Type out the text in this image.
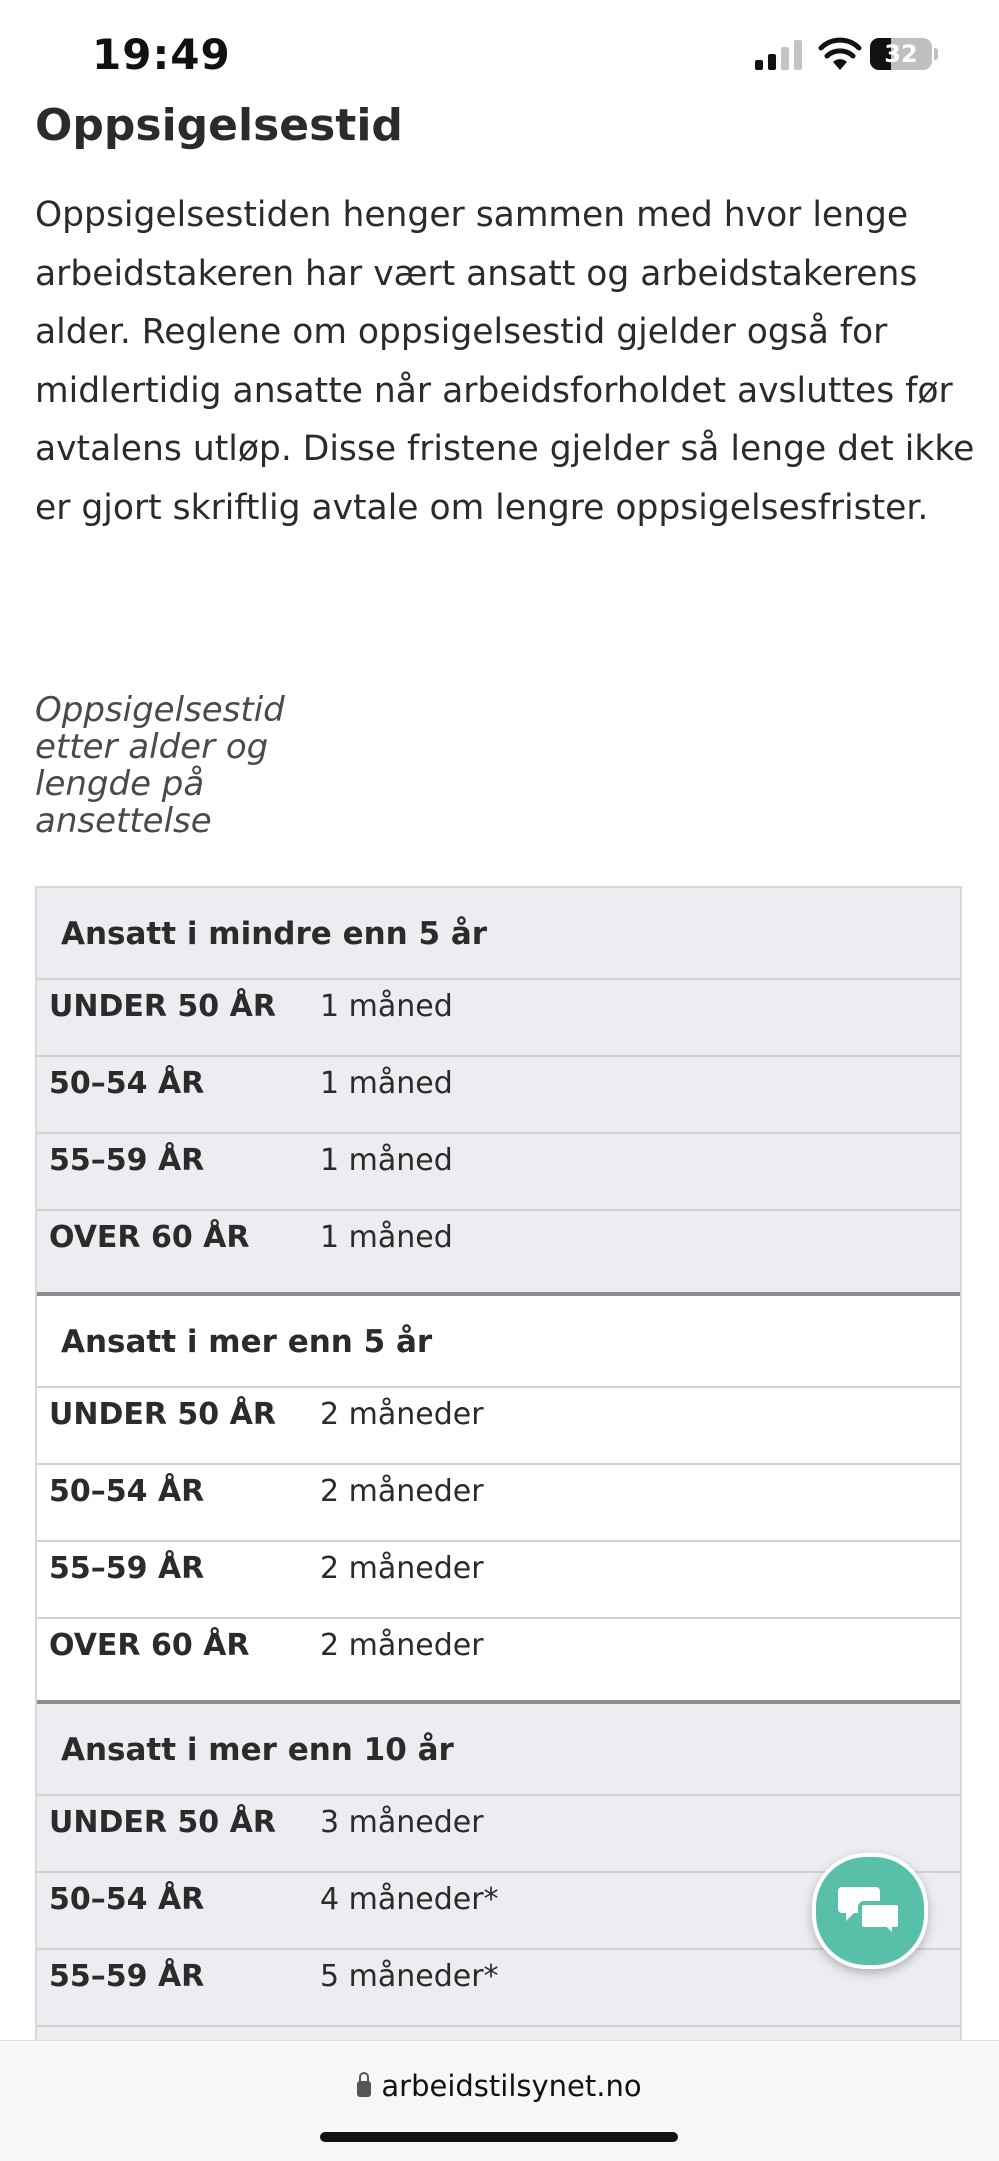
19:49	32
Oppsigelsestid

Oppsigelsestiden henger sammen med hvor lenge arbeidstakeren har vært ansatt og arbeidstakerens alder. Reglene om oppsigelsestid gjelder også for midlertidig ansatte når arbeidsforholdet avsluttes før avtalens utløp. Disse fristene gjelder så lenge det ikke er gjort skriftlig avtale om lengre oppsigelsesfrister.

Oppsigelsestid etter alder og lengde på ansettelse

Ansatt i mindre enn 5 år
UNDER 50 ÅR 1 måned
50–54 ÅR	1 måned
55–59 ÅR	1 måned
OVER 60 ÅR 1 måned
Ansatt i mer enn 5 år
UNDER 50 ÅR 2 måneder
50–54 ÅR	2 måneder
55–59 ÅR	2 måneder
OVER 60 ÅR 2 måneder
Ansatt i mer enn 10 år
UNDER 50 ÅR 3 måneder
50–54 ÅR	4 måneder*
55–59 ÅR	5 måneder*
arbeidstilsynet.no
